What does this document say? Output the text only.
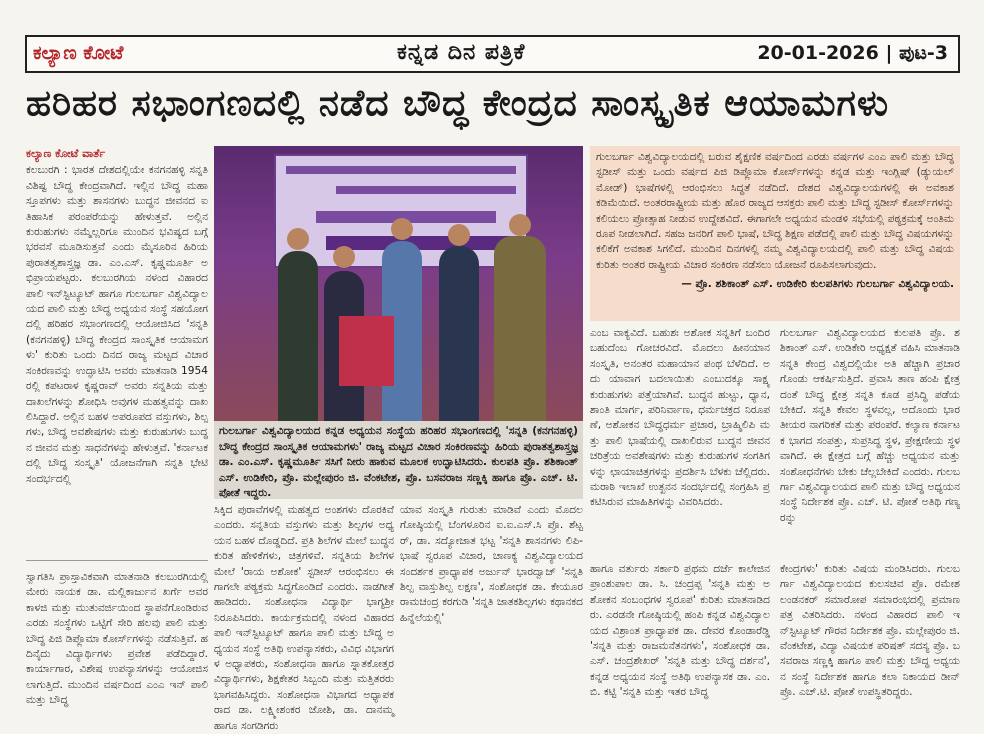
ಕಲ್ಯಾಣ ಕೋಟೆ	ಕನ್ನಡ ದಿನ ಪತ್ರಿಕೆ	20-01-2026 | ಪುಟ-3
ಹರಿಹರ ಸಭಾಂಗಣದಲ್ಲಿ ನಡೆದ ಬೌದ್ಧ ಕೇಂದ್ರದ ಸಾಂಸ್ಕೃತಿಕ ಆಯಾಮಗಳು

ಕಲ್ಯಾಣ ಕೋಟೆ ವಾರ್ತೆ

ಕಲಬುರಗಿ : ಭಾರತ ದೇಶದಲ್ಲಿಯೇ ಕನಗನಹಳ್ಳಿ ಸನ್ನತಿ ವಿಶಿಷ್ಟ ಬೌದ್ಧ ಕೇಂದ್ರವಾಗಿದೆ. ಇಲ್ಲಿನ ಬೌದ್ಧ ಮಹಾ ಸ್ತೂಪಗಳು ಮತ್ತು ಶಾಸನಗಳು ಬುದ್ಧನ ಜೀವನದ ಐತಿಹಾಸಿಕ ಪರಂಪರೆಯನ್ನು ಹೇಳುತ್ತವೆ. ಅಲ್ಲಿನ ಕುರುಹುಗಳು ನಮ್ಮೆಲ್ಲರಿಗೂ ಮುಂದಿನ ಭವಿಷ್ಯದ ಬಗ್ಗೆ ಭರವಸೆ ಮೂಡಿಸುತ್ತವೆ ಎಂದು ಮೈಸೂರಿನ ಹಿರಿಯ ಪುರಾತತ್ವಶಾಸ್ತ್ರಜ್ಞ ಡಾ. ಎಂ.ಎಸ್. ಕೃಷ್ಣಮೂರ್ತಿ ಅಭಿಪ್ರಾಯಪಟ್ಟರು. ಕಲಬುರಗಿಯ ನಳಂದ ವಿಹಾರದ ಪಾಲಿ ಇನ್‌ಸ್ಟಿಟ್ಯೂಟ್ ಹಾಗೂ ಗುಲಬರ್ಗಾ ವಿಶ್ವವಿದ್ಯಾಲಯದ ಪಾಲಿ ಮತ್ತು ಬೌದ್ಧ ಅಧ್ಯಯನ ಸಂಸ್ಥೆ ಸಹಯೋಗದಲ್ಲಿ ಹರಿಹರ ಸಭಾಂಗಣದಲ್ಲಿ ಆಯೋಜಿಸಿದ 'ಸನ್ನತಿ (ಕನಗನಹಳ್ಳಿ) ಬೌದ್ಧ ಕೇಂದ್ರದ ಸಾಂಸ್ಕೃತಿಕ ಆಯಾಮಗಳು' ಕುರಿತು ಒಂದು ದಿನದ ರಾಜ್ಯ ಮಟ್ಟದ ವಿಚಾರ ಸಂಕಿರಣವನ್ನು ಉದ್ಘಾಟಿಸಿ ಅವರು ಮಾತನಾಡಿ 1954 ರಲ್ಲಿ ಕಪಟರಾಳ ಕೃಷ್ಣರಾವ್ ಅವರು ಸನ್ನತಿಯ ಮತ್ತು ದಾಖಲೆಗಳನ್ನು ಶೋಧಿಸಿ ಅವುಗಳ ಮಹತ್ವವನ್ನು ದಾಖಲಿಸಿದ್ದಾರೆ. ಅಲ್ಲಿನ ಬಹಳ ಅಪರೂಪದ ವಸ್ತುಗಳು, ಶಿಲ್ಪಗಳು, ಬೌದ್ಧ ಅವಶೇಷಗಳು ಮತ್ತು ಕುರುಹುಗಳು ಬುದ್ಧನ ಜೀವನ ಮತ್ತು ಸಾಧನೆಗಳನ್ನು ಹೇಳುತ್ತವೆ. 'ಕರ್ನಾಟಕದಲ್ಲಿ ಬೌದ್ಧ ಸಂಸ್ಕೃತಿ' ಯೋಜನೆಗಾಗಿ ಸನ್ನತಿ ಭೇಟಿ ಸಂದರ್ಭದಲ್ಲಿ

ಸ್ವಾಗತಿಸಿ ಪ್ರಾಸ್ತಾವಿಕವಾಗಿ ಮಾತನಾಡಿ ಕಲಬುರಗಿಯಲ್ಲಿ ಮೇರು ನಾಯಕ ಡಾ. ಮಲ್ಲಿಕಾರ್ಜುನ ಖರ್ಗೆ ಅವರ ಕಾಳಜಿ ಮತ್ತು ಮುತುವರ್ಜಿಯಿಂದ ಸ್ಥಾಪನೆಗೊಂಡಿರುವ ಎರಡು ಸಂಸ್ಥೆಗಳು ಒಟ್ಟಿಗೆ ಸೇರಿ ಹಲವು ಪಾಲಿ ಮತ್ತು ಬೌದ್ಧ ಪಿಜಿ ಡಿಪ್ಲೊಮಾ ಕೋರ್ಸ್‌ಗಳನ್ನು ನಡೆಸುತ್ತಿವೆ. ಹದಿನೈದು ವಿದ್ಯಾರ್ಥಿಗಳು ಪ್ರವೇಶ ಪಡೆದಿದ್ದಾರೆ. ಕಾರ್ಯಾಗಾರ, ವಿಶೇಷ ಉಪನ್ಯಾಸಗಳನ್ನು ಆಯೋಜಿಸಲಾಗುತ್ತಿದೆ. ಮುಂದಿನ ವರ್ಷದಿಂದ ಎಂಎ ಇನ್ ಪಾಲಿ ಮತ್ತು ಬೌದ್ಧ

ಗುಲಬರ್ಗಾ ವಿಶ್ವವಿದ್ಯಾಲಯದ ಕನ್ನಡ ಅಧ್ಯಯನ ಸಂಸ್ಥೆಯ ಹರಿಹರ ಸಭಾಂಗಣದಲ್ಲಿ 'ಸನ್ನತಿ (ಕನಗನಹಳ್ಳಿ) ಬೌದ್ಧ ಕೇಂದ್ರದ ಸಾಂಸ್ಕೃತಿಕ ಆಯಾಮಗಳು' ರಾಜ್ಯ ಮಟ್ಟದ ವಿಚಾರ ಸಂಕಿರಣವನ್ನು ಹಿರಿಯ ಪುರಾತತ್ವಶಾಸ್ತ್ರಜ್ಞ ಡಾ. ಎಂ.ಎಸ್. ಕೃಷ್ಣಮೂರ್ತಿ ಸಸಿಗೆ ನೀರು ಹಾಕುವ ಮೂಲಕ ಉದ್ಘಾಟಿಸಿದರು. ಕುಲಪತಿ ಪ್ರೊ. ಶಶಿಕಾಂತ್ ಎಸ್. ಉಡಿಕೇರಿ, ಪ್ರೊ. ಮಲ್ಲೇಪುರಂ ಜಿ. ವೆಂಕಟೇಶ, ಪ್ರೊ. ಬಸವರಾಜ ಸಣ್ಣಕ್ಕಿ ಹಾಗೂ ಪ್ರೊ. ಎಚ್. ಟಿ. ಪೋತೆ ಇದ್ದರು.

ಸಿಕ್ಕಿದ ಪುರಾವೆಗಳಲ್ಲಿ ಮಹತ್ವದ ಅಂಶಗಳು ದೊರಕಿವೆ ಎಂದರು. ಸನ್ನತಿಯ ವಸ್ತುಗಳು ಮತ್ತು ಶಿಲ್ಪಗಳ ಅಧ್ಯಯನ ಬಹಳ ದೊಡ್ಡದಿದೆ. ಪ್ರತಿ ಶಿಲೆಗಳ ಮೇಲೆ ಬುದ್ಧನ ಕುರಿತ ಹೇಳಿಕೆಗಳು, ಚಿತ್ರಗಳಿವೆ. ಸನ್ನತಿಯ ಶಿಲೆಗಳ ಮೇಲೆ 'ರಾಯ ಅಶೋಕ' ಸ್ಟಡೀಸ್ ಆರಂಭಿಸಲು ಈಗಾಗಲೇ ಪಠ್ಯಕ್ರಮ ಸಿದ್ಧಗೊಂಡಿದೆ ಎಂದರು. ನಾಡಗೀತೆ ಹಾಡಿದರು. ಸಂಶೋಧನಾ ವಿದ್ಯಾರ್ಥಿ ಭಾಗ್ಯಶ್ರೀ ನಿರೂಪಿಸಿದರು. ಕಾರ್ಯಕ್ರಮದಲ್ಲಿ ನಳಂದ ವಿಹಾರದ ಪಾಲಿ ಇನ್‌ಸ್ಟಿಟ್ಯೂಟ್ ಹಾಗೂ ಪಾಲಿ ಮತ್ತು ಬೌದ್ಧ ಅಧ್ಯಯನ ಸಂಸ್ಥೆ ಅತಿಥಿ ಉಪನ್ಯಾಸಕರು, ವಿವಿಧ ವಿಭಾಗಗಳ ಅಧ್ಯಾಪಕರು, ಸಂಶೋಧನಾ ಹಾಗೂ ಸ್ನಾತಕೋತ್ತರ ವಿದ್ಯಾರ್ಥಿಗಳು, ಶಿಕ್ಷಕೇತರ ಸಿಬ್ಬಂದಿ ಮತ್ತು ಮತ್ತಿತರರು ಭಾಗವಹಿಸಿದ್ದರು. ಸಂಶೋಧನಾ ವಿಭಾಗದ ಅಧ್ಯಾಪಕರಾದ ಡಾ. ಲಕ್ಷ್ಮೀಶಂಕರ ಜೋಶಿ, ಡಾ. ದಾನಮ್ಮ ಹಾಗೂ ಸಂಗಡಿಗರು

ಯಾವ ಸಂಸ್ಕೃತಿ ಗುರುತು ಮಾಡಿವೆ ಎಂದು ಮೊದಲ ಗೋಷ್ಠಿಯಲ್ಲಿ ಬೆಂಗಳೂರಿನ ಐ.ಐ.ಎಸ್.ಸಿ ಪ್ರೊ. ಶೆಟ್ಟರ್, ಡಾ. ಸದ್ಯೋಜಾತ ಭಟ್ಟ 'ಸನ್ನತಿ ಶಾಸನಗಳು ಲಿಪಿ-ಭಾಷೆ ಸ್ವರೂಪ ವಿಚಾರ, ಚಾಣಕ್ಯ ವಿಶ್ವವಿದ್ಯಾಲಯದ ಸಂದರ್ಶಕ ಪ್ರಾಧ್ಯಾಪಕ ಅರ್ಜುನ್ ಭಾರದ್ವಾಜ್ 'ಸನ್ನತಿ ಶಿಲ್ಪ ವಾಸ್ತುಶಿಲ್ಪ ಲಕ್ಷಣ', ಸಂಶೋಧಕ ಡಾ. ಕೇಯೂರ ರಾಮಚಂದ್ರ ಕರಗುಡಿ 'ಸನ್ನತಿ ಜಾತಕಶಿಲ್ಪಗಳು ಕಥಾನಕದ ಹಿನ್ನೆಲೆಯಲ್ಲಿ'

ಗುಲಬರ್ಗಾ ವಿಶ್ವವಿದ್ಯಾಲಯದಲ್ಲಿ ಬರುವ ಶೈಕ್ಷಣಿಕ ವರ್ಷದಿಂದ ಎರಡು ವರ್ಷಗಳ ಎಂಎ ಪಾಲಿ ಮತ್ತು ಬೌದ್ಧ ಸ್ಟಡೀಸ್ ಮತ್ತು ಒಂದು ವರ್ಷದ ಪಿಜಿ ಡಿಪ್ಲೊಮಾ ಕೋರ್ಸ್‌ಗಳನ್ನು ಕನ್ನಡ ಮತ್ತು ಇಂಗ್ಲಿಷ್ (ಡ್ಯುಯಲ್ ಮೋಡ್) ಭಾಷೆಗಳಲ್ಲಿ ಆರಂಭಿಸಲು ಸಿದ್ಧತೆ ನಡೆದಿದೆ. ದೇಶದ ವಿಶ್ವವಿದ್ಯಾಲಯಗಳಲ್ಲಿ ಈ ಅವಕಾಶ ಕಡಿಮೆಯಿದೆ. ಅಂತರರಾಷ್ಟ್ರೀಯ ಮತ್ತು ಹೊರ ರಾಜ್ಯದ ಆಸಕ್ತರು ಪಾಲಿ ಮತ್ತು ಬೌದ್ಧ ಸ್ಟಡೀಸ್ ಕೋರ್ಸ್‌ಗಳನ್ನು ಕಲಿಯಲು ಪ್ರೋತ್ಸಾಹ ನೀಡುವ ಉದ್ದೇಶವಿದೆ. ಈಗಾಗಲೇ ಅಧ್ಯಯನ ಮಂಡಳಿ ಸಭೆಯಲ್ಲಿ ಪಠ್ಯಕ್ರಮಕ್ಕೆ ಅಂತಿಮ ರೂಪ ನೀಡಲಾಗಿದೆ. ಸಹಜ ಜನರಿಗೆ ಪಾಲಿ ಭಾಷೆ, ಬೌದ್ಧ ಶಿಕ್ಷಣ ಪಡೆದಲ್ಲಿ ಪಾಲಿ ಮತ್ತು ಬೌದ್ಧ ವಿಷಯಗಳನ್ನು ಕಲಿಕೆಗೆ ಅವಕಾಶ ಸಿಗಲಿದೆ. ಮುಂದಿನ ದಿನಗಳಲ್ಲಿ ನಮ್ಮ ವಿಶ್ವವಿದ್ಯಾಲಯದಲ್ಲಿ ಪಾಲಿ ಮತ್ತು ಬೌದ್ಧ ವಿಷಯ ಕುರಿತು ಅಂತರ ರಾಷ್ಟ್ರೀಯ ವಿಚಾರ ಸಂಕಿರಣ ನಡೆಸಲು ಯೋಜನೆ ರೂಪಿಸಲಾಗುವುದು.
— ಪ್ರೊ. ಶಶಿಕಾಂತ್ ಎಸ್. ಉಡಿಕೇರಿ ಕುಲಪತಿಗಳು ಗುಲಬರ್ಗಾ ವಿಶ್ವವಿದ್ಯಾಲಯ.

ಎಂಬ ವಾಕ್ಯವಿದೆ. ಬಹುಶಃ ಅಶೋಕ ಸನ್ನತಿಗೆ ಬಂದಿರಬಹುದೆಂಬ ಗೋಚರವಿದೆ. ಮೊದಲು ಹೀನಯಾನ ಸಂಸ್ಕೃತಿ, ಅನಂತರ ಮಹಾಯಾನ ಪಂಥ ಬೆಳೆದಿದೆ. ಅದು ಯಾವಾಗ ಬದಲಾಯಿತು ಎಂಬುದಕ್ಕೂ ಸಾಕ್ಷ್ಯ ಕುರುಹುಗಳು ಪತ್ತೆಯಾಗಿವೆ. ಬುದ್ಧನ ಹುಟ್ಟು, ಧ್ಯಾನ, ಶಾಂತಿ ಮಾರ್ಗ, ಪರಿನಿರ್ವಾಣ, ಧರ್ಮಚಕ್ರದ ನಿರೂಪಣೆ, ಅಶೋಕನ ಬೌದ್ಧಧರ್ಮ ಪ್ರಚಾರ, ಬ್ರಾಹ್ಮಿಲಿಪಿ ಮತ್ತು ಪಾಲಿ ಭಾಷೆಯಲ್ಲಿ ದಾಖಲಿರುವ ಬುದ್ಧನ ಜೀವನ ಚರಿತ್ರೆಯ ಅವಶೇಷಗಳು ಮತ್ತು ಕುರುಹುಗಳ ಸಂಗತಿಗಳನ್ನು ಛಾಯಾಚಿತ್ರಗಳನ್ನು ಪ್ರದರ್ಶಿಸಿ ಬೆಳಕು ಚೆಲ್ಲಿದರು. ಮರಾಠಿ ಇಲಾಖೆ ಉತ್ಖನನ ಸಂದರ್ಭದಲ್ಲಿ ಸಂಗ್ರಹಿಸಿ ಪ್ರಕಟಿಸಿರುವ ಮಾಹಿತಿಗಳನ್ನು ವಿವರಿಸಿದರು.

ಹಾಗೂ ವರ್ತುರು ಸರ್ಕಾರಿ ಪ್ರಥಮ ದರ್ಜೆ ಕಾಲೇಜಿನ ಪ್ರಾಂಶುಪಾಲ ಡಾ. ಸಿ. ಚಂದ್ರಪ್ಪ 'ಸನ್ನತಿ ಮತ್ತು ಅಶೋಕನ ಸಂಬಂಧಗಳ ಸ್ವರೂಪ' ಕುರಿತು ಮಾತನಾಡಿದರು. ಎರಡನೇ ಗೋಷ್ಠಿಯಲ್ಲಿ ಹಂಪಿ ಕನ್ನಡ ವಿಶ್ವವಿದ್ಯಾಲಯದ ವಿಶ್ರಾಂತ ಪ್ರಾಧ್ಯಾಪಕ ಡಾ. ದೇವರ ಕೊಂಡಾರೆಡ್ಡಿ 'ಸನ್ನತಿ ಮತ್ತು ರಾಜಮನೆತನಗಳು', ಸಂಶೋಧಕ ಡಾ. ಎಸ್. ಚಂದ್ರಶೇಖರ್ 'ಸನ್ನತಿ ಮತ್ತು ಬೌದ್ಧ ದರ್ಶನ', ಕನ್ನಡ ಅಧ್ಯಯನ ಸಂಸ್ಥೆ ಅತಿಥಿ ಉಪನ್ಯಾಸಕ ಡಾ. ಎಂ.ಬಿ. ಕಟ್ಟಿ 'ಸನ್ನತಿ ಮತ್ತು ಇತರ ಬೌದ್ಧ

ಗುಲಬರ್ಗಾ ವಿಶ್ವವಿದ್ಯಾಲಯದ ಕುಲಪತಿ ಪ್ರೊ. ಶಶಿಕಾಂತ್ ಎಸ್. ಉಡಿಕೇರಿ ಅಧ್ಯಕ್ಷತೆ ವಹಿಸಿ ಮಾತನಾಡಿ ಸನ್ನತಿ ಕೇಂದ್ರ ವಿಶ್ವದಲ್ಲಿಯೇ ಅತಿ ಹೆಚ್ಚಾಗಿ ಪ್ರಚಾರಗೊಂಡು ಆಕರ್ಷಿಸುತ್ತಿದೆ. ಪ್ರವಾಸಿ ತಾಣ ಹಂಪಿ ಕ್ಷೇತ್ರದಂತೆ ಬೌದ್ಧ ಕ್ಷೇತ್ರ ಸನ್ನತಿ ಕೂಡ ಪ್ರಸಿದ್ಧಿ ಪಡೆಯಬೇಕಿದೆ. ಸನ್ನತಿ ಕೇವಲ ಸ್ಥಳವಲ್ಲ, ಅದೊಂದು ಭಾರತೀಯರ ನಾಗರಿಕತೆ ಮತ್ತು ಪರಂಪರೆ. ಕಲ್ಯಾಣ ಕರ್ನಾಟಕ ಭಾಗದ ಸಂಪತ್ತು, ಸುಪ್ರಸಿದ್ಧ ಸ್ಥಳ, ಪ್ರೇಕ್ಷಣೀಯ ಸ್ಥಳವಾಗಿದೆ. ಈ ಕ್ಷೇತ್ರದ ಬಗ್ಗೆ ಹೆಚ್ಚು ಅಧ್ಯಯನ ಮತ್ತು ಸಂಶೋಧನೆಗಳು ಬೇಕು ಚೆಲ್ಲಬೇಕಿದೆ ಎಂದರು. ಗುಲಬರ್ಗಾ ವಿಶ್ವವಿದ್ಯಾಲಯದ ಪಾಲಿ ಮತ್ತು ಬೌದ್ಧ ಅಧ್ಯಯನ ಸಂಸ್ಥೆ ನಿರ್ದೇಶಕ ಪ್ರೊ. ಎಚ್. ಟಿ. ಪೋತೆ ಅತಿಥಿ ಗಣ್ಯರನ್ನು

ಕೇಂದ್ರಗಳು' ಕುರಿತು ವಿಷಯ ಮಂಡಿಸಿದರು. ಗುಲಬರ್ಗಾ ವಿಶ್ವವಿದ್ಯಾಲಯದ ಕುಲಸಚಿವ ಪ್ರೊ. ರಮೇಶ ಲಂಡನಕರ್ ಸಮಾರೋಪ ಸಮಾರಂಭದಲ್ಲಿ ಪ್ರಮಾಣ ಪತ್ರ ವಿತರಿಸಿದರು. ನಳಂದ ವಿಹಾರದ ಪಾಲಿ ಇನ್‌ಸ್ಟಿಟ್ಯೂಟ್ ಗೌರವ ನಿರ್ದೇಶಕ ಪ್ರೊ. ಮಲ್ಲೇಪುರಂ ಜಿ. ವೆಂಕಟೇಶ, ವಿದ್ಯಾ ವಿಷಯಕ ಪರಿಷತ್ ಸದಸ್ಯ ಪ್ರೊ. ಬಸವರಾಜ ಸಣ್ಣಕ್ಕಿ ಹಾಗೂ ಪಾಲಿ ಮತ್ತು ಬೌದ್ಧ ಅಧ್ಯಯನ ಸಂಸ್ಥೆ ನಿರ್ದೇಶಕ ಹಾಗೂ ಕಲಾ ನಿಕಾಯದ ಡೀನ್ ಪ್ರೊ. ಎಚ್.ಟಿ. ಪೋತೆ ಉಪಸ್ಥಿತರಿದ್ದರು.
